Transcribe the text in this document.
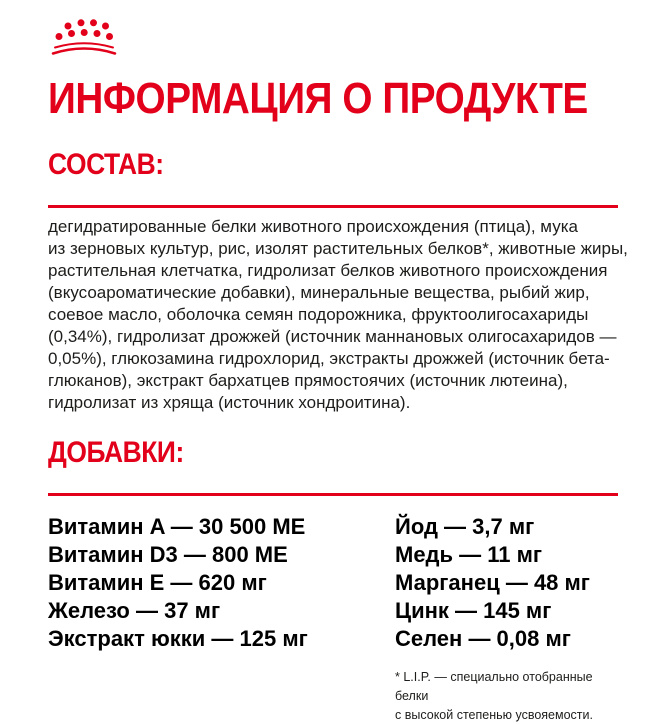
ИНФОРМАЦИЯ О ПРОДУКТЕ
СОСТАВ:
дегидратированные белки животного происхождения (птица), мука
из зерновых культур, рис, изолят растительных белков*, животные жиры,
растительная клетчатка, гидролизат белков животного происхождения
(вкусоароматические добавки), минеральные вещества, рыбий жир,
соевое масло, оболочка семян подорожника, фруктоолигосахариды
(0,34%), гидролизат дрожжей (источник маннановых олигосахаридов —
0,05%), глюкозамина гидрохлорид, экстракты дрожжей (источник бета-
глюканов), экстракт бархатцев прямостоячих (источник лютеина),
гидролизат из хряща (источник хондроитина).
ДОБАВКИ:
Витамин A — 30 500 МЕ
Витамин D3 — 800 МЕ
Витамин E — 620 мг
Железо — 37 мг
Экстракт юкки — 125 мг
Йод — 3,7 мг
Медь — 11 мг
Марганец — 48 мг
Цинк — 145 мг
Селен — 0,08 мг
* L.I.P. — специально отобранные белки
с высокой степенью усвояемости.
